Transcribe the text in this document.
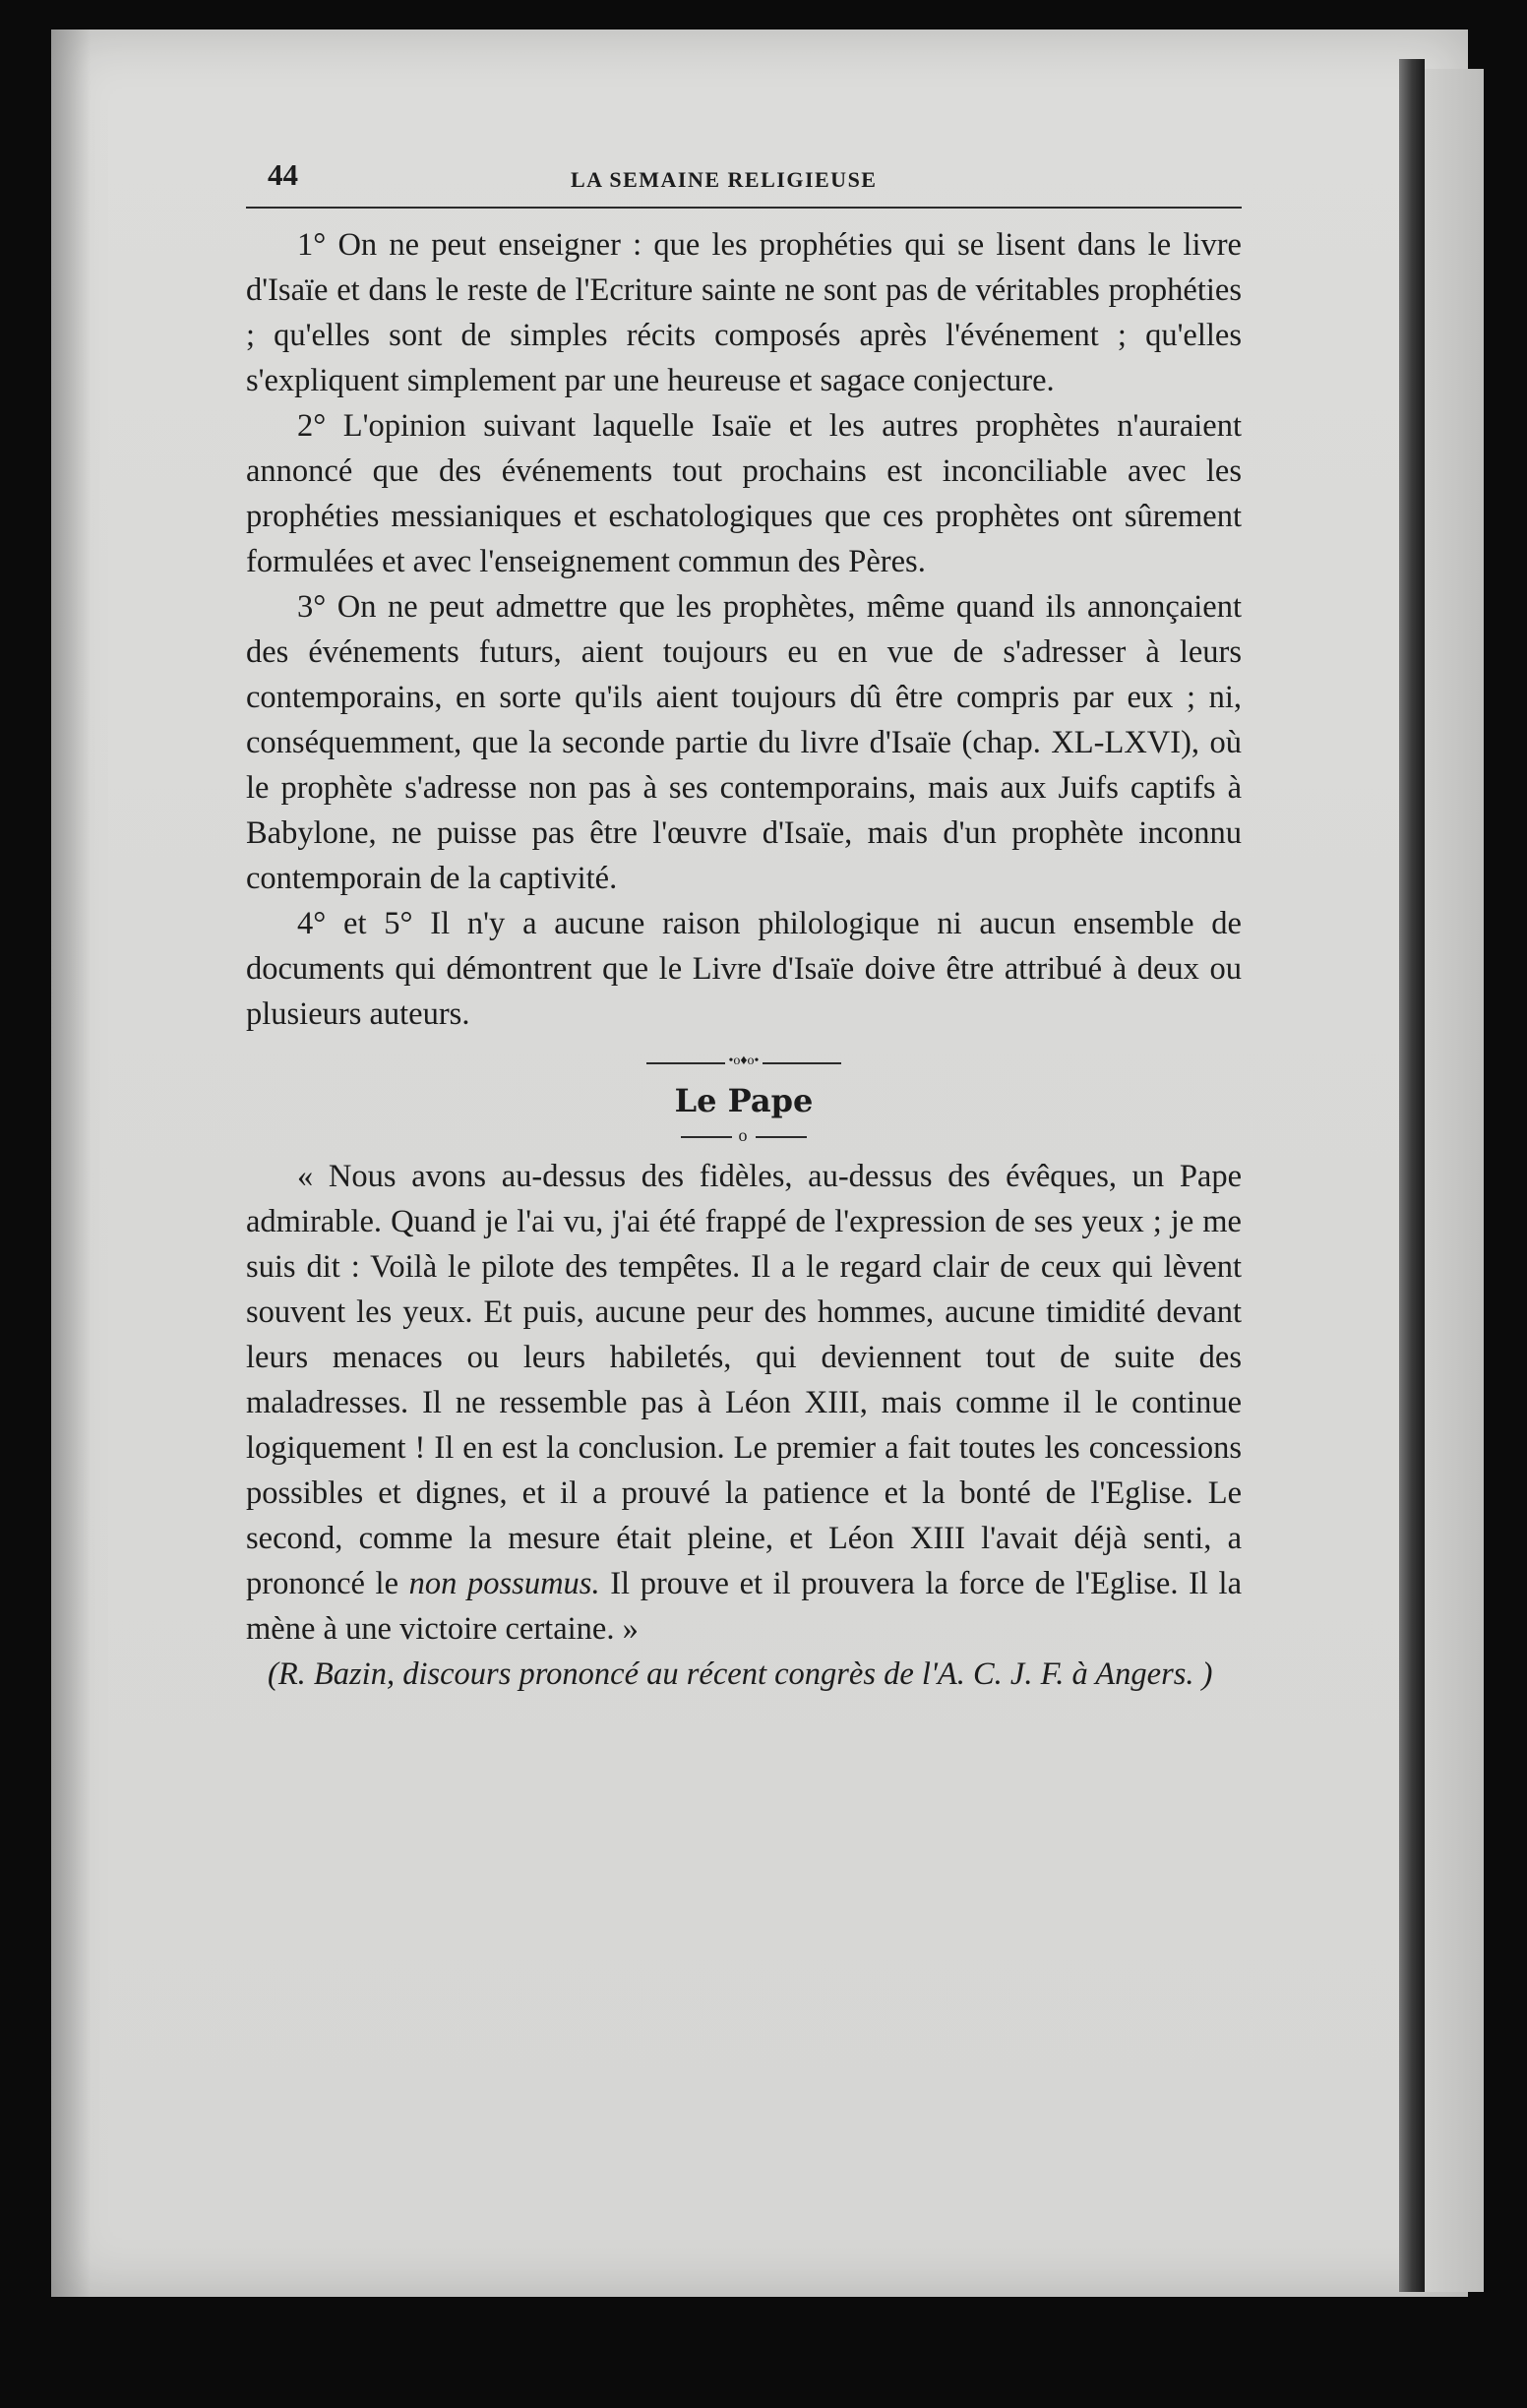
44	LA SEMAINE RELIGIEUSE

1° On ne peut enseigner : que les prophéties qui se lisent dans le livre d'Isaïe et dans le reste de l'Ecriture sainte ne sont pas de véritables prophéties ; qu'elles sont de simples récits composés après l'événement ; qu'elles s'expliquent simplement par une heureuse et sagace conjecture.

2° L'opinion suivant laquelle Isaïe et les autres prophètes n'auraient annoncé que des événements tout prochains est inconciliable avec les prophéties messianiques et eschatologiques que ces prophètes ont sûrement formulées et avec l'enseignement commun des Pères.

3° On ne peut admettre que les prophètes, même quand ils annonçaient des événements futurs, aient toujours eu en vue de s'adresser à leurs contemporains, en sorte qu'ils aient toujours dû être compris par eux ; ni, conséquemment, que la seconde partie du livre d'Isaïe (chap. XL-LXVI), où le prophète s'adresse non pas à ses contemporains, mais aux Juifs captifs à Babylone, ne puisse pas être l'œuvre d'Isaïe, mais d'un prophète inconnu contemporain de la captivité.

4° et 5° Il n'y a aucune raison philologique ni aucun ensemble de documents qui démontrent que le Livre d'Isaïe doive être attribué à deux ou plusieurs auteurs.

•o♦o•
Le Pape
o

« Nous avons au-dessus des fidèles, au-dessus des évêques, un Pape admirable. Quand je l'ai vu, j'ai été frappé de l'expression de ses yeux ; je me suis dit : Voilà le pilote des tempêtes. Il a le regard clair de ceux qui lèvent souvent les yeux. Et puis, aucune peur des hommes, aucune timidité devant leurs menaces ou leurs habiletés, qui deviennent tout de suite des maladresses. Il ne ressemble pas à Léon XIII, mais comme il le continue logiquement ! Il en est la conclusion. Le premier a fait toutes les concessions possibles et dignes, et il a prouvé la patience et la bonté de l'Eglise. Le second, comme la mesure était pleine, et Léon XIII l'avait déjà senti, a prononcé le non possumus. Il prouve et il prouvera la force de l'Eglise. Il la mène à une victoire certaine. »

(R. Bazin, discours prononcé au récent congrès de l'A. C. J. F. à Angers. )
